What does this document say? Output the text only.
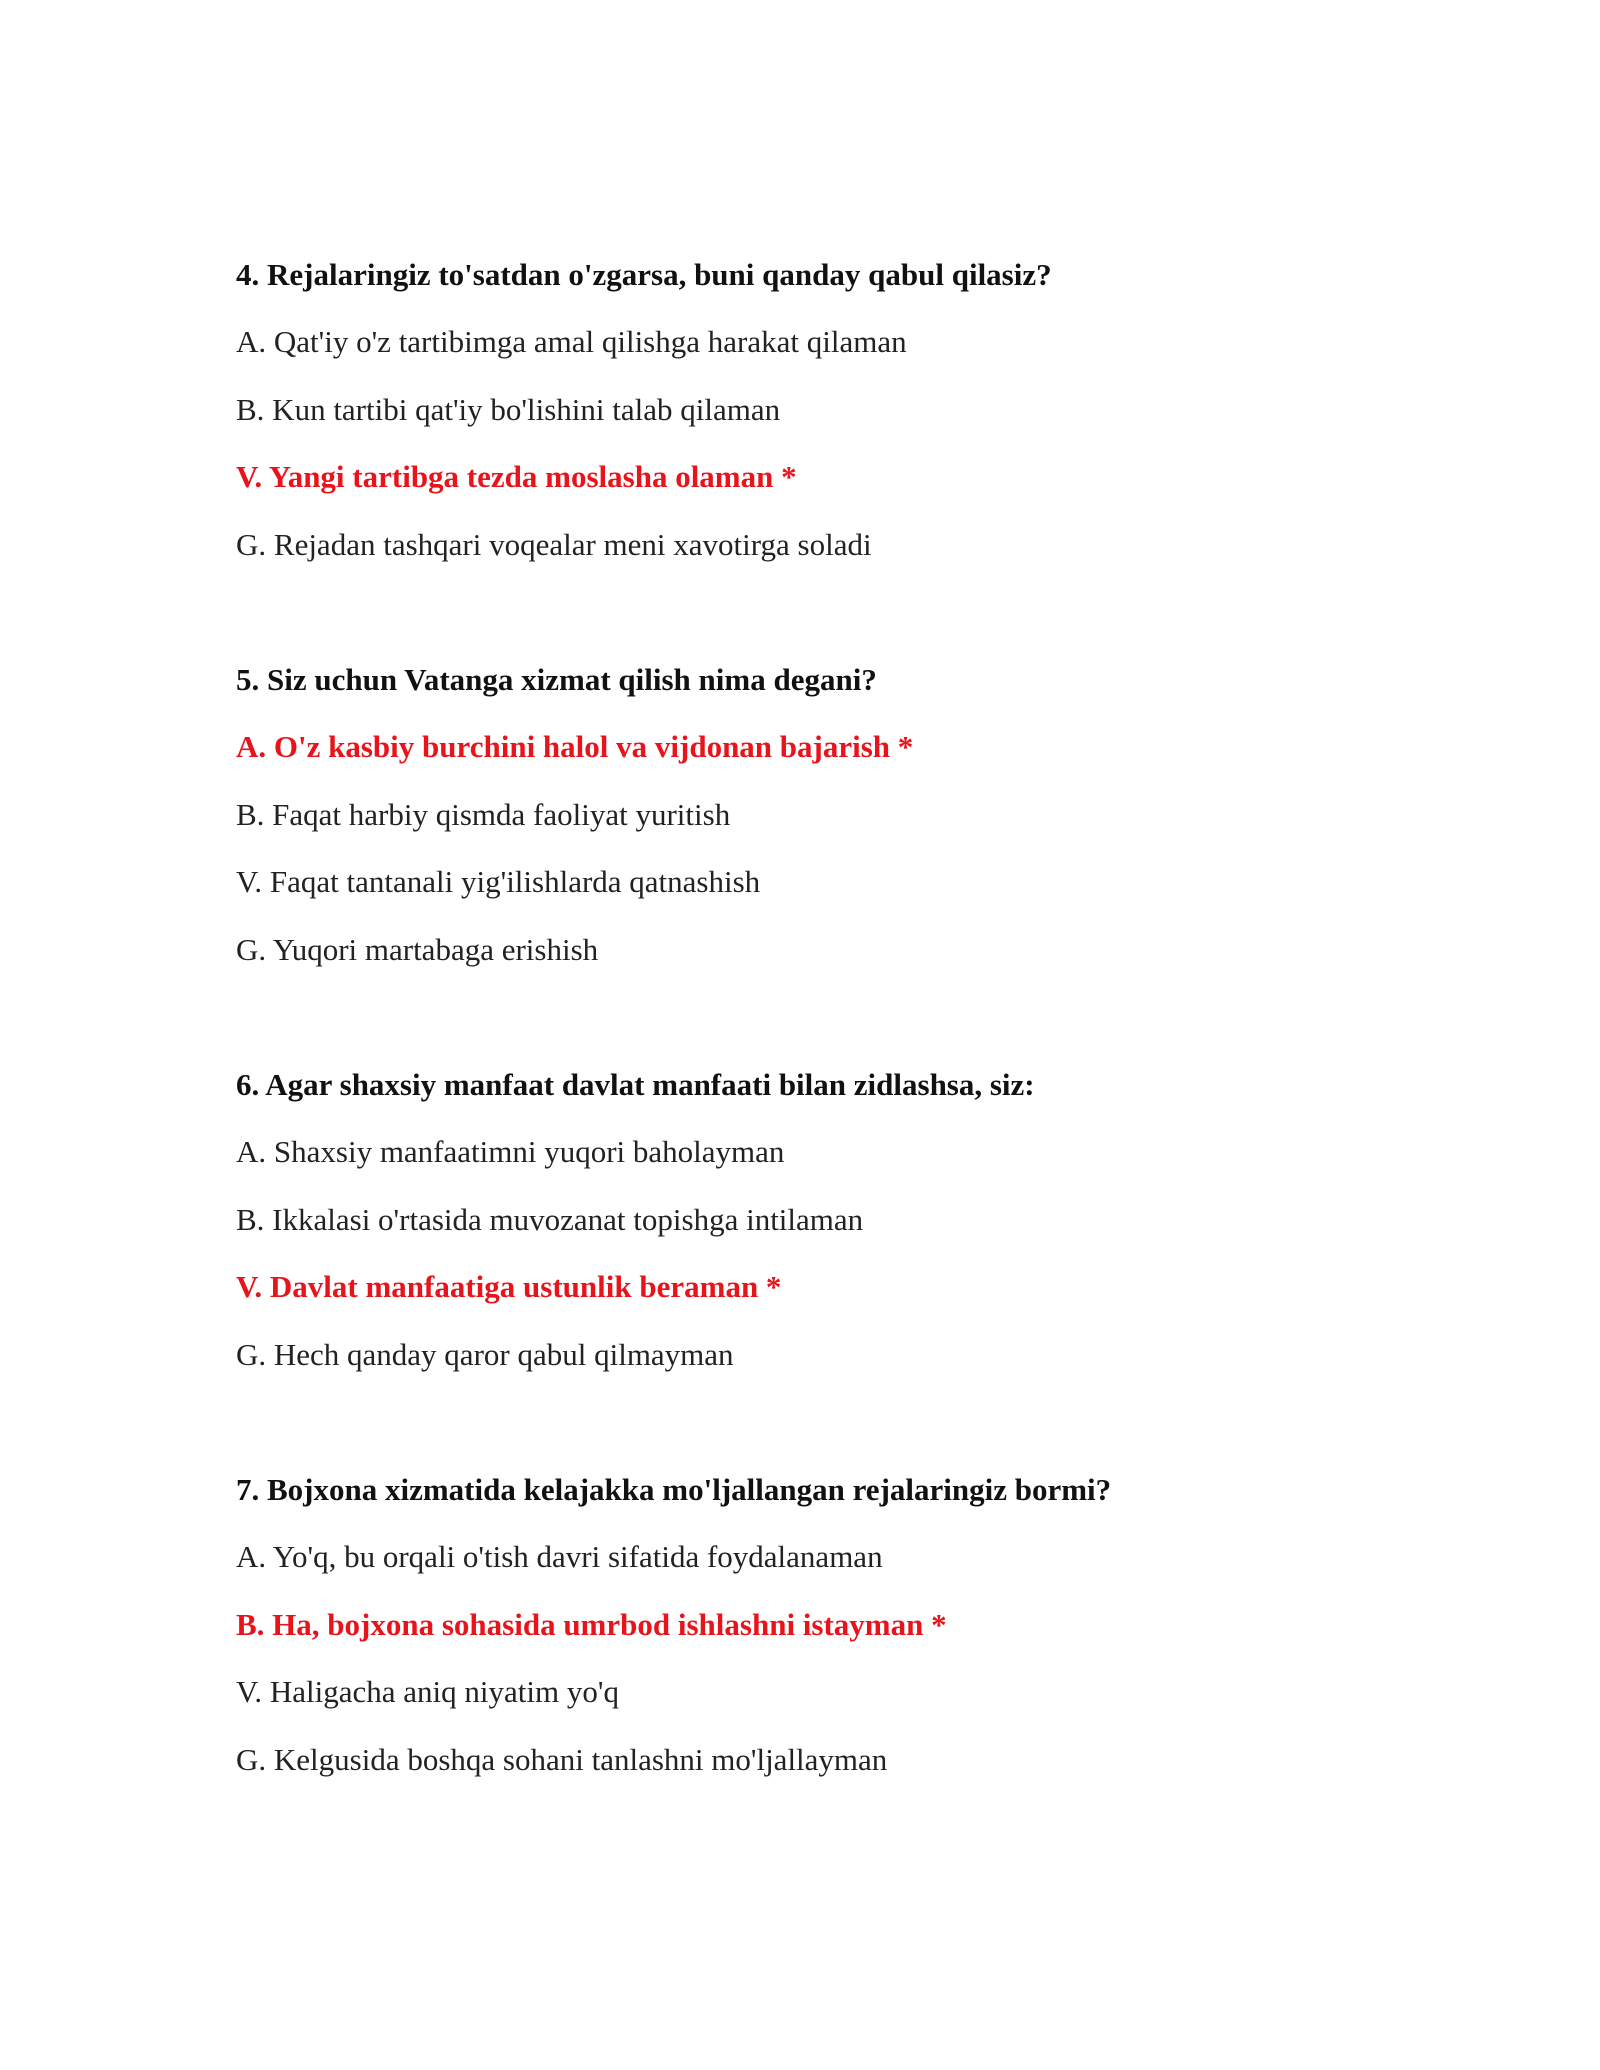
4. Rejalaringiz to'satdan o'zgarsa, buni qanday qabul qilasiz?
A. Qat'iy o'z tartibimga amal qilishga harakat qilaman
B. Kun tartibi qat'iy bo'lishini talab qilaman
V. Yangi tartibga tezda moslasha olaman *
G. Rejadan tashqari voqealar meni xavotirga soladi
5. Siz uchun Vatanga xizmat qilish nima degani?
A. O'z kasbiy burchini halol va vijdonan bajarish *
B. Faqat harbiy qismda faoliyat yuritish
V. Faqat tantanali yig'ilishlarda qatnashish
G. Yuqori martabaga erishish
6. Agar shaxsiy manfaat davlat manfaati bilan zidlashsa, siz:
A. Shaxsiy manfaatimni yuqori baholayman
B. Ikkalasi o'rtasida muvozanat topishga intilaman
V. Davlat manfaatiga ustunlik beraman *
G. Hech qanday qaror qabul qilmayman
7. Bojxona xizmatida kelajakka mo'ljallangan rejalaringiz bormi?
A. Yo'q, bu orqali o'tish davri sifatida foydalanaman
B. Ha, bojxona sohasida umrbod ishlashni istayman *
V. Haligacha aniq niyatim yo'q
G. Kelgusida boshqa sohani tanlashni mo'ljallayman
